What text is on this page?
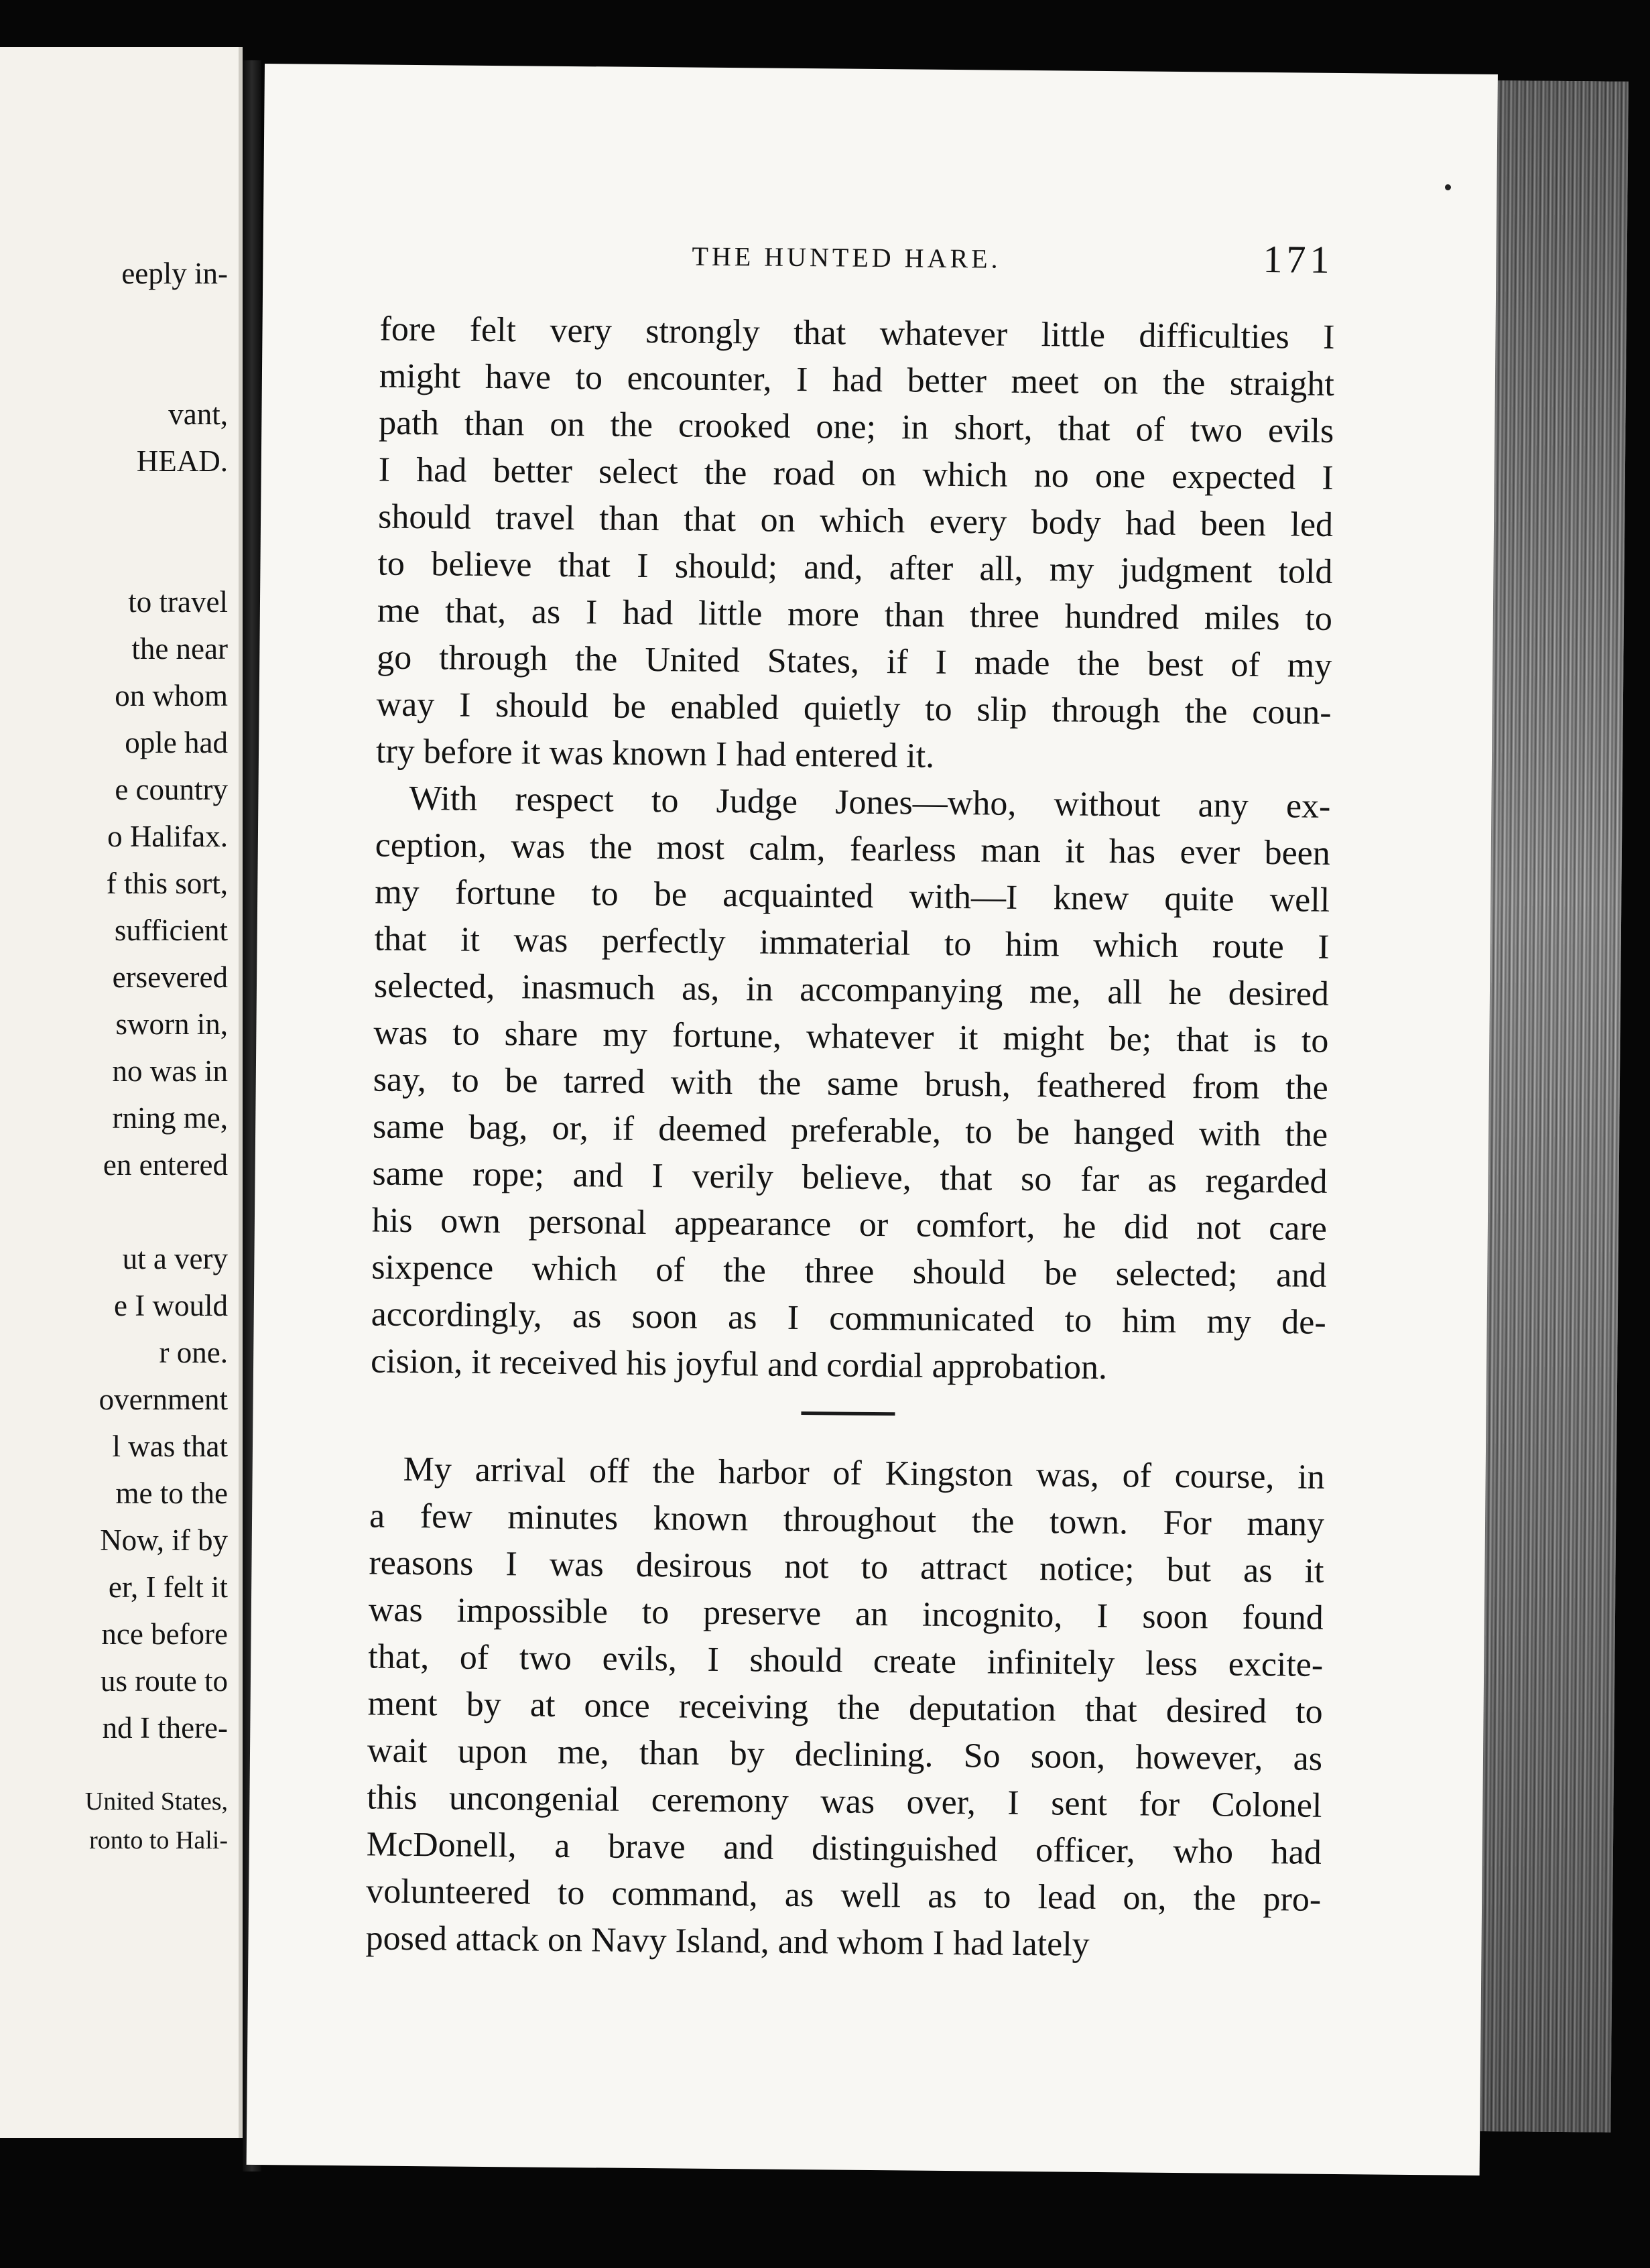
eeply in-
vant,
HEAD.
to travel
the near
on whom
ople had
e country
o Halifax.
f this sort,
sufficient
ersevered
sworn in,
no was in
rning me,
en entered
ut a very
e I would
r one.
overnment
l was that
me to the
Now, if by
er, I felt it
nce before
us route to
nd I there-
United States,
ronto to Hali-
THE HUNTED HARE.	171
fore felt very strongly that whatever little difficulties I
might have to encounter, I had better meet on the straight
path than on the crooked one; in short, that of two evils
I had better select the road on which no one expected I
should travel than that on which every body had been led
to believe that I should; and, after all, my judgment told
me that, as I had little more than three hundred miles to
go through the United States, if I made the best of my
way I should be enabled quietly to slip through the coun-
try before it was known I had entered it.
With respect to Judge Jones—who, without any ex-
ception, was the most calm, fearless man it has ever been
my fortune to be acquainted with—I knew quite well
that it was perfectly immaterial to him which route I
selected, inasmuch as, in accompanying me, all he desired
was to share my fortune, whatever it might be; that is to
say, to be tarred with the same brush, feathered from the
same bag, or, if deemed preferable, to be hanged with the
same rope; and I verily believe, that so far as regarded
his own personal appearance or comfort, he did not care
sixpence which of the three should be selected; and
accordingly, as soon as I communicated to him my de-
cision, it received his joyful and cordial approbation.
My arrival off the harbor of Kingston was, of course, in
a few minutes known throughout the town. For many
reasons I was desirous not to attract notice; but as it
was impossible to preserve an incognito, I soon found
that, of two evils, I should create infinitely less excite-
ment by at once receiving the deputation that desired to
wait upon me, than by declining. So soon, however, as
this uncongenial ceremony was over, I sent for Colonel
McDonell, a brave and distinguished officer, who had
volunteered to command, as well as to lead on, the pro-
posed attack on Navy Island, and whom I had lately
